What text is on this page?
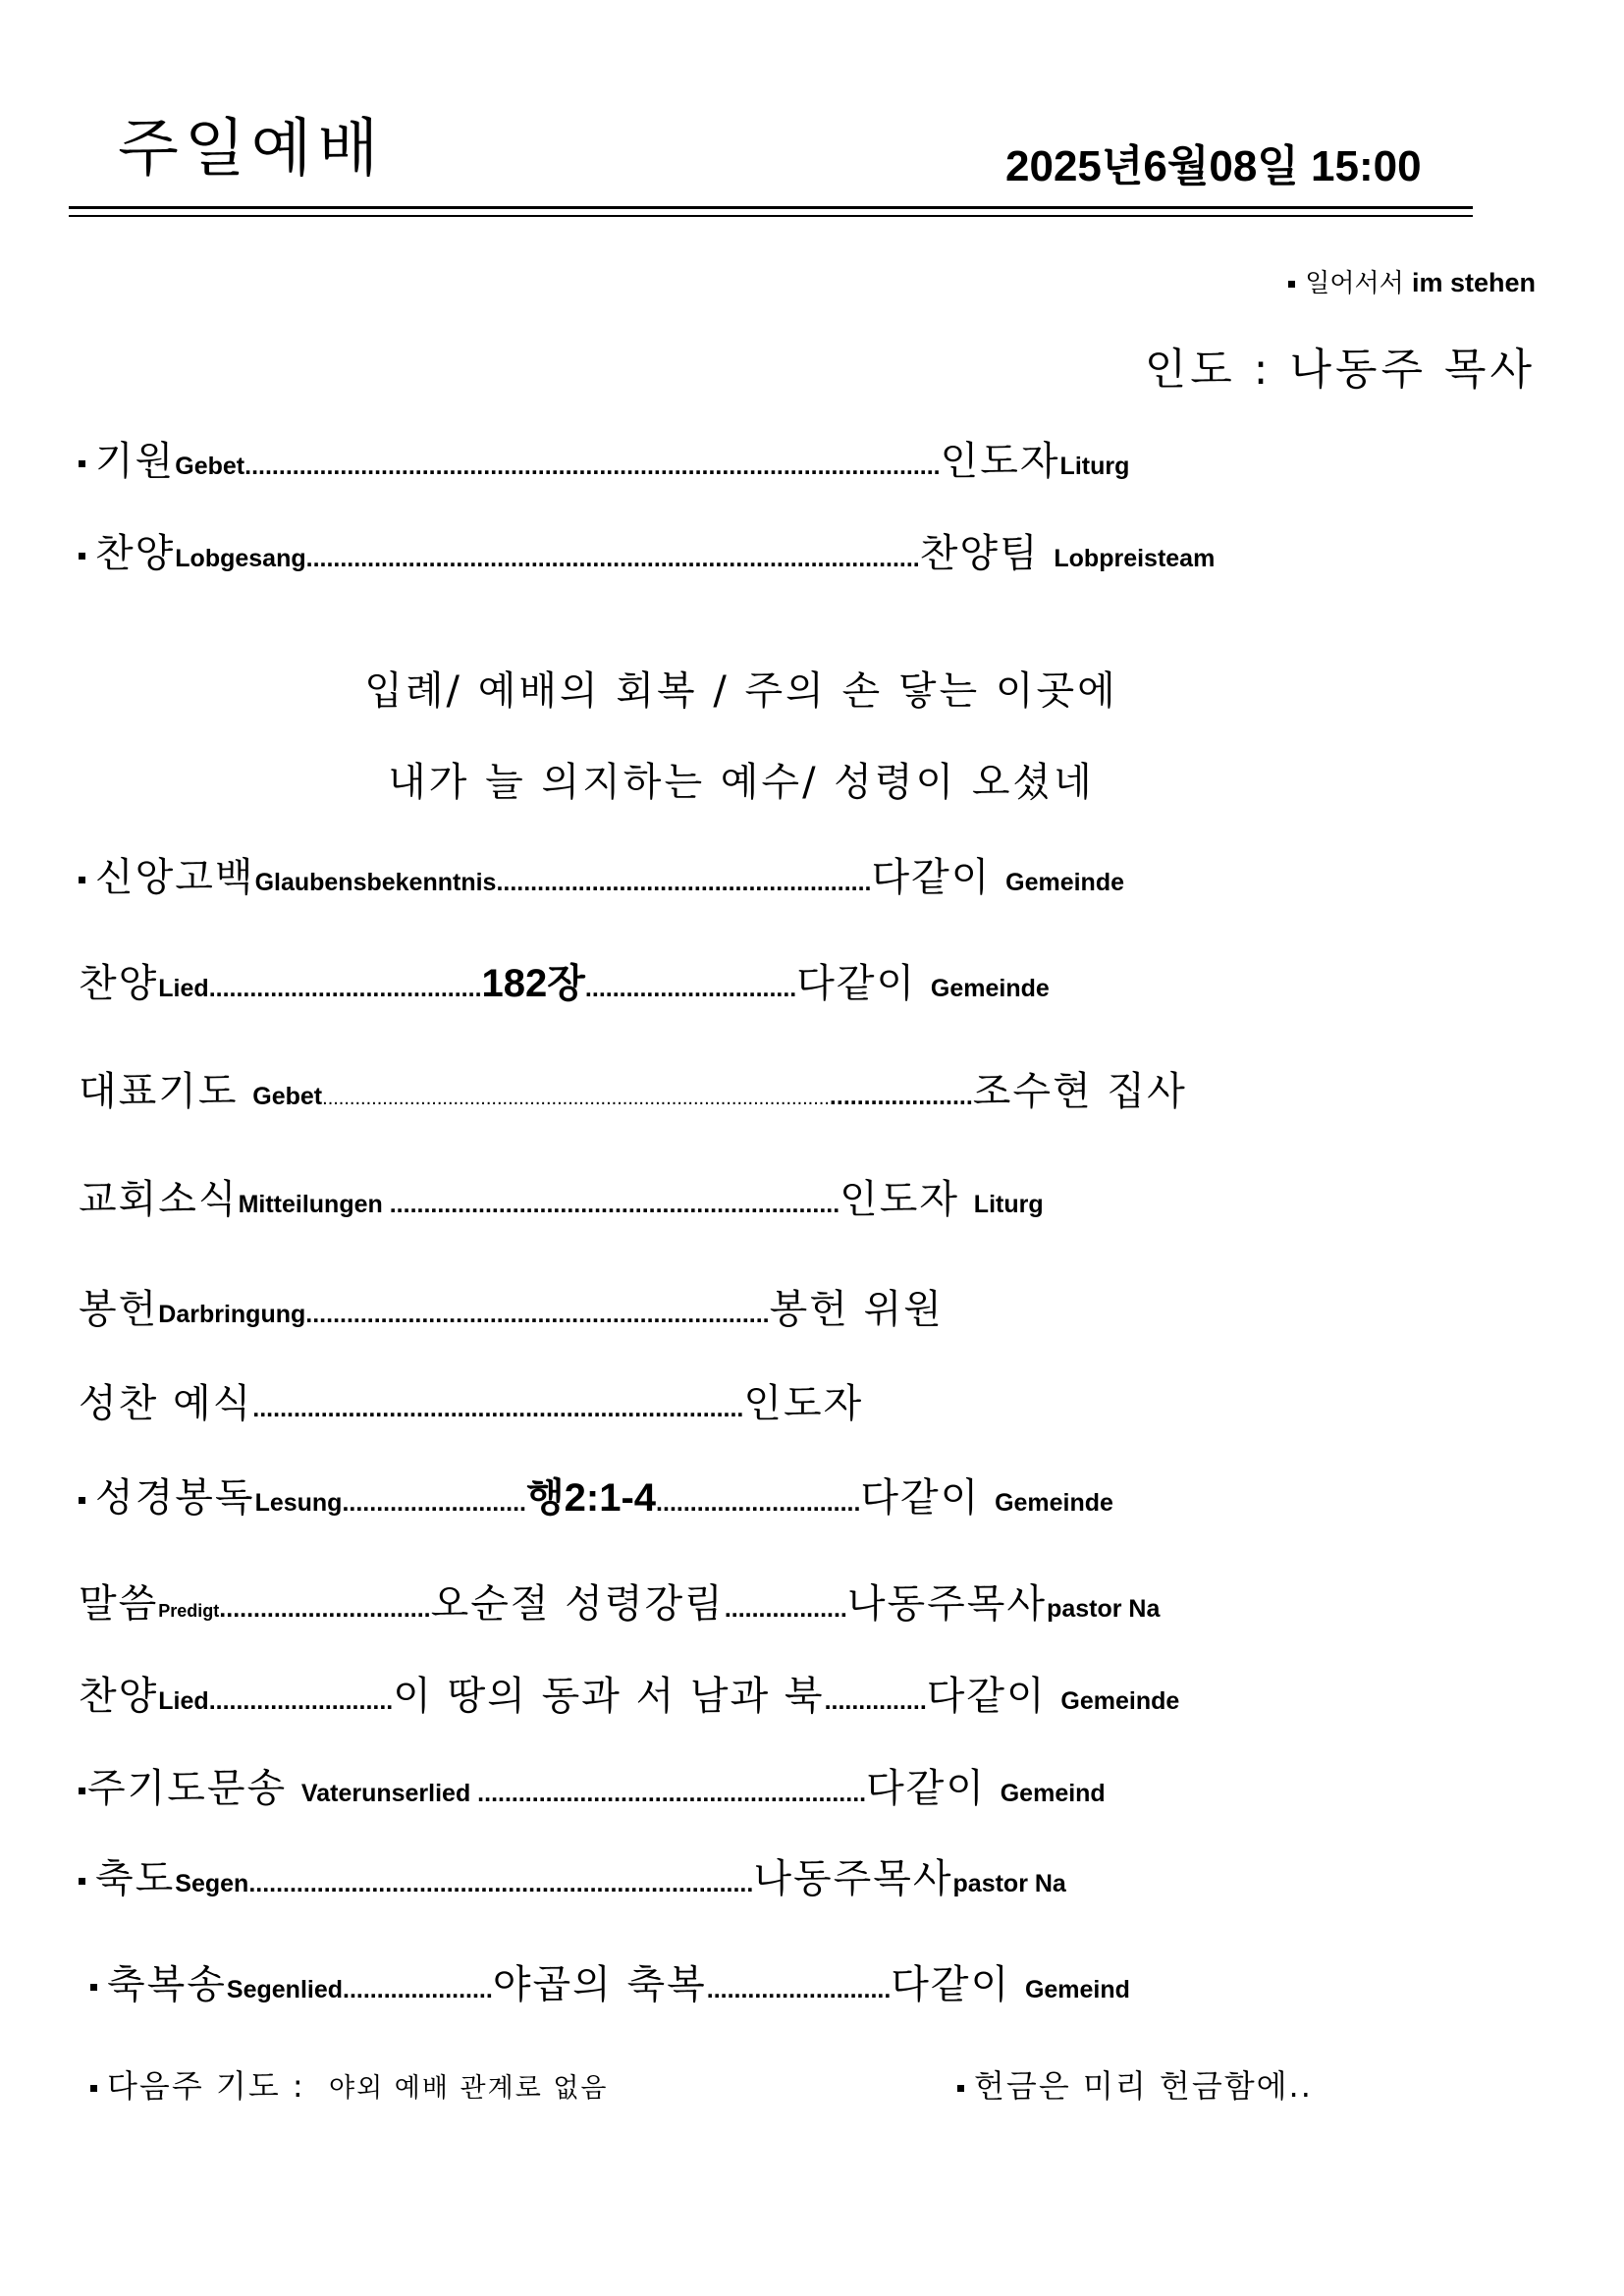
주일예배	2025년6월08일 15:00
일어서서 im stehen
인도 : 나동주 목사
기원Gebet......................................................................................................인도자Liturg
찬양Lobgesang..........................................................................................찬양팀 Lobpreisteam
입례/ 예배의 회복 / 주의 손 닿는 이곳에
내가 늘 의지하는 예수/ 성령이 오셨네
신앙고백Glaubensbekenntnis.......................................................다같이 Gemeinde
찬양Lied........................................182장...............................다같이 Gemeinde
대표기도 Gebet..................................................................................................................조수현 집사
교회소식Mitteilungen ..................................................................인도자 Liturg
봉헌Darbringung....................................................................봉헌 위원
성찬 예식........................................................................인도자
성경봉독Lesung...........................행2:1-4..............................다같이 Gemeinde
말씀Predigt...............................오순절 성령강림..................나동주목사pastor Na
찬양Lied...........................이 땅의 동과 서 남과 북...............다같이 Gemeinde
주기도문송 Vaterunserlied .........................................................다같이 Gemeind
축도Segen..........................................................................나동주목사pastor Na
축복송Segenlied......................야곱의 축복...........................다같이 Gemeind
다음주 기도 : 야외 예배 관계로 없음	헌금은 미리 헌금함에..
